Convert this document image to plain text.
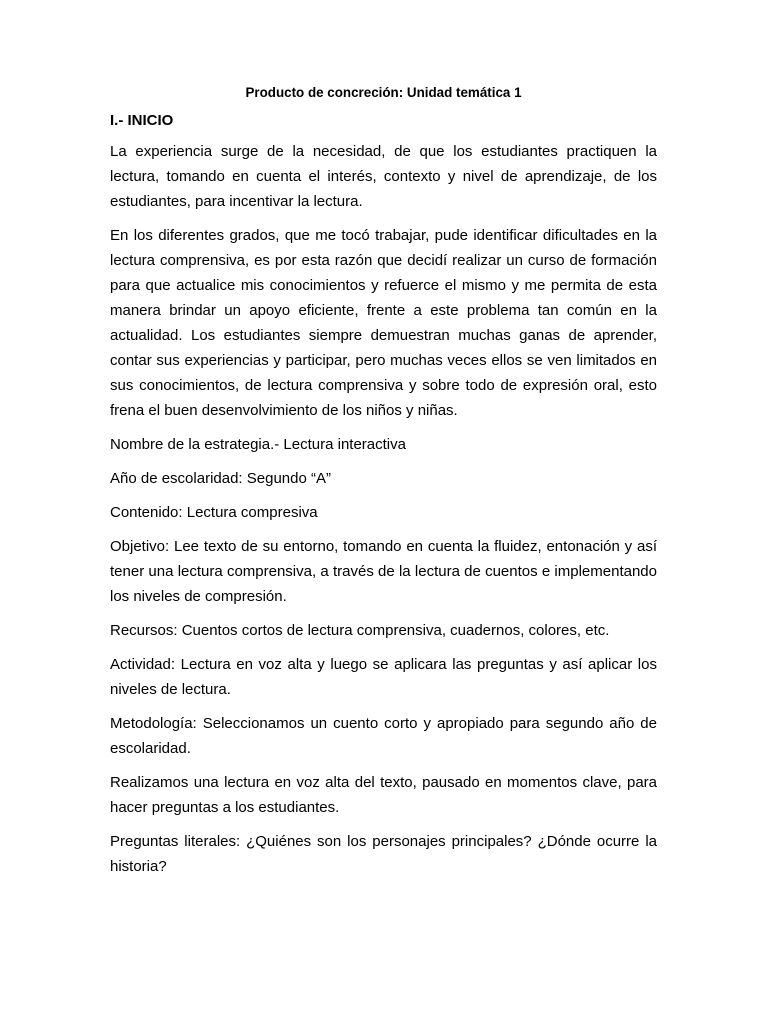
Producto de concreción: Unidad temática 1
I.- INICIO

La experiencia surge de la necesidad, de que los estudiantes practiquen la lectura, tomando en cuenta el interés, contexto y nivel de aprendizaje, de los estudiantes, para incentivar la lectura.

En los diferentes grados, que me tocó trabajar, pude identificar dificultades en la lectura comprensiva, es por esta razón que decidí realizar un curso de formación para que actualice mis conocimientos y refuerce el mismo y me permita de esta manera brindar un apoyo eficiente, frente a este problema tan común en la actualidad. Los estudiantes siempre demuestran muchas ganas de aprender, contar sus experiencias y participar, pero muchas veces ellos se ven limitados en sus conocimientos, de lectura comprensiva y sobre todo de expresión oral, esto frena el buen desenvolvimiento de los niños y niñas.

Nombre de la estrategia.- Lectura interactiva

Año de escolaridad: Segundo “A”

Contenido: Lectura compresiva

Objetivo: Lee texto de su entorno, tomando en cuenta la fluidez, entonación y así tener una lectura comprensiva, a través de la lectura de cuentos e implementando los niveles de compresión.

Recursos: Cuentos cortos de lectura comprensiva, cuadernos, colores, etc.

Actividad: Lectura en voz alta y luego se aplicara las preguntas y así aplicar los niveles de lectura.

Metodología: Seleccionamos un cuento corto y apropiado para segundo año de escolaridad.

Realizamos una lectura en voz alta del texto, pausado en momentos clave, para hacer preguntas a los estudiantes.

Preguntas literales: ¿Quiénes son los personajes principales? ¿Dónde ocurre la historia?
